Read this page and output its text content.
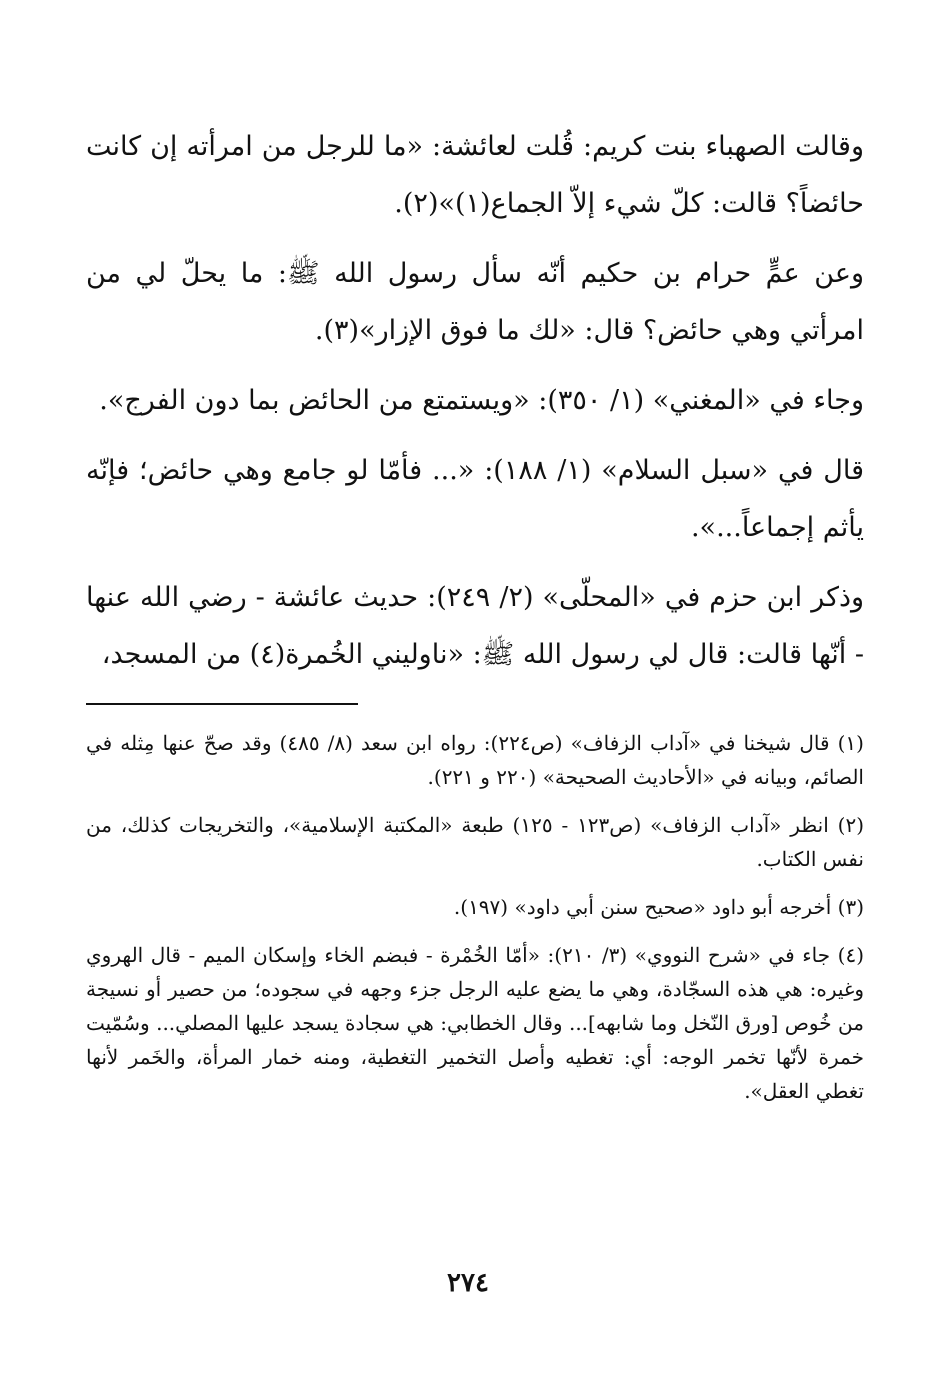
وقالت الصهباء بنت كريم: قُلت لعائشة: «ما للرجل من امرأته إن كانت حائضاً؟ قالت: كلّ شيء إلاّ الجماع(١)»(٢).

وعن عمٍّ حرام بن حكيم أنّه سأل رسول الله ﷺ: ما يحلّ لي من امرأتي وهي حائض؟ قال: «لك ما فوق الإزار»(٣).

وجاء في «المغني» (١/ ٣٥٠): «ويستمتع من الحائض بما دون الفرج».

قال في «سبل السلام» (١/ ١٨٨): «... فأمّا لو جامع وهي حائض؛ فإنّه يأثم إجماعاً...».

وذكر ابن حزم في «المحلّى» (٢/ ٢٤٩): حديث عائشة - رضي الله عنها - أنّها قالت: قال لي رسول الله ﷺ: «ناوليني الخُمرة(٤) من المسجد،

(١) قال شيخنا في «آداب الزفاف» (ص٢٢٤): رواه ابن سعد (٨/ ٤٨٥) وقد صحّ عنها مِثله في الصائم، وبيانه في «الأحاديث الصحيحة» (٢٢٠ و ٢٢١).

(٢) انظر «آداب الزفاف» (ص١٢٣ - ١٢٥) طبعة «المكتبة الإسلامية»، والتخريجات كذلك، من نفس الكتاب.

(٣) أخرجه أبو داود «صحيح سنن أبي داود» (١٩٧).

(٤) جاء في «شرح النووي» (٣/ ٢١٠): «أمّا الخُمْرة - فبضم الخاء وإسكان الميم - قال الهروي وغيره: هي هذه السجّادة، وهي ما يضع عليه الرجل جزء وجهه في سجوده؛ من حصير أو نسيجة من خُوص [ورق النّخل وما شابهه]... وقال الخطابي: هي سجادة يسجد عليها المصلي... وسُمّيت خمرة لأنّها تخمر الوجه: أي: تغطيه وأصل التخمير التغطية، ومنه خمار المرأة، والخَمر لأنها تغطي العقل».

٢٧٤
